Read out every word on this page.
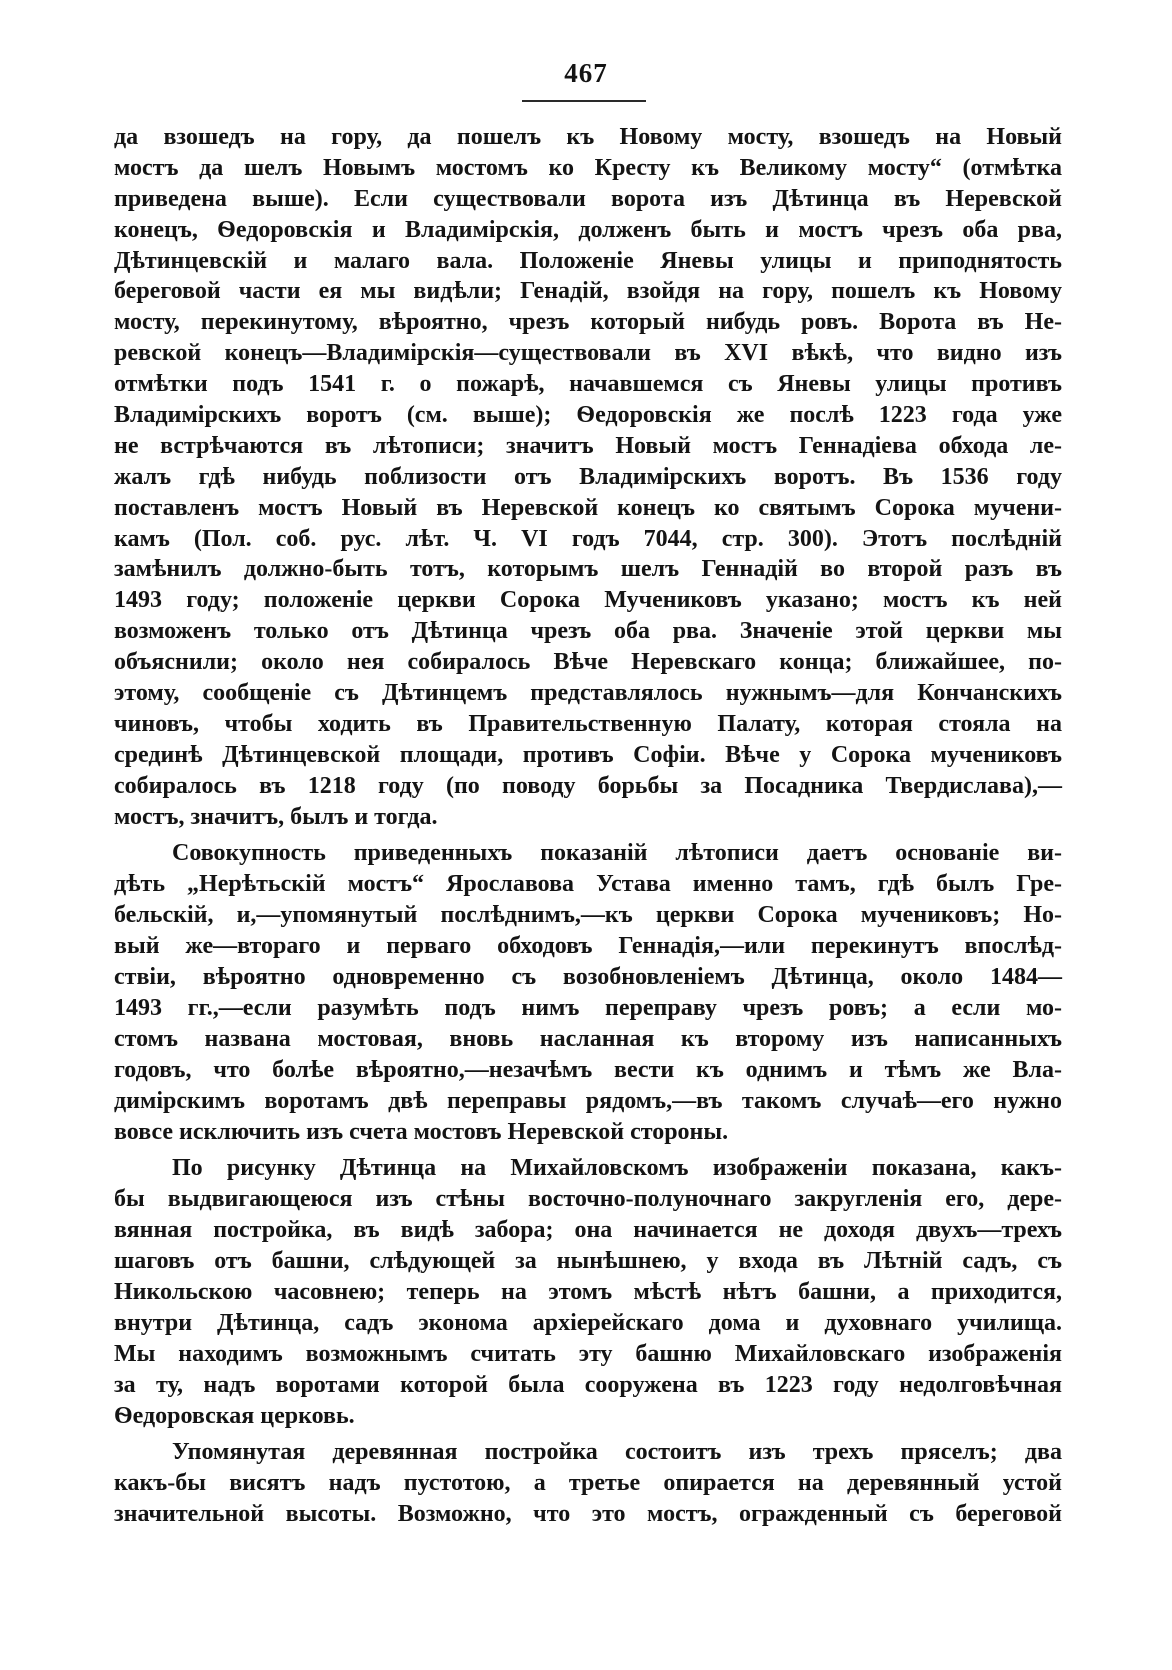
467
да взошедъ на гору, да пошелъ къ Новому мосту, взошедъ на Новый
мостъ да шелъ Новымъ мостомъ ко Кресту къ Великому мосту“ (отмѣтка
приведена выше). Если существовали ворота изъ Дѣтинца въ Неревской
конецъ, Ѳедоровскія и Владимірскія, долженъ быть и мостъ чрезъ оба рва,
Дѣтинцевскій и малаго вала. Положеніе Яневы улицы и приподнятость
береговой части ея мы видѣли; Генадій, взойдя на гору, пошелъ къ Новому
мосту, перекинутому, вѣроятно, чрезъ который нибудь ровъ. Ворота въ Не-
ревской конецъ—Владимірскія—существовали въ XVI вѣкѣ, что видно изъ
отмѣтки подъ 1541 г. о пожарѣ, начавшемся съ Яневы улицы противъ
Владимірскихъ воротъ (см. выше); Ѳедоровскія же послѣ 1223 года уже
не встрѣчаются въ лѣтописи; значитъ Новый мостъ Геннадіева обхода ле-
жалъ гдѣ нибудь поблизости отъ Владимірскихъ воротъ. Въ 1536 году
поставленъ мостъ Новый въ Неревской конецъ ко святымъ Сорока мучени-
камъ (Пол. соб. рус. лѣт. Ч. VI годъ 7044, стр. 300). Этотъ послѣдній
замѣнилъ должно-быть тотъ, которымъ шелъ Геннадій во второй разъ въ
1493 году; положеніе церкви Сорока Мучениковъ указано; мостъ къ ней
возможенъ только отъ Дѣтинца чрезъ оба рва. Значеніе этой церкви мы
объяснили; около нея собиралось Вѣче Неревскаго конца; ближайшее, по-
этому, сообщеніе съ Дѣтинцемъ представлялось нужнымъ—для Кончанскихъ
чиновъ, чтобы ходить въ Правительственную Палату, которая стояла на
срединѣ Дѣтинцевской площади, противъ Софіи. Вѣче у Сорока мучениковъ
собиралось въ 1218 году (по поводу борьбы за Посадника Твердислава),—
мостъ, значитъ, былъ и тогда.
Совокупность приведенныхъ показаній лѣтописи даетъ основаніе ви-
дѣть „Нерѣтьскій мостъ“ Ярославова Устава именно тамъ, гдѣ былъ Гре-
бельскій, и,—упомянутый послѣднимъ,—къ церкви Сорока мучениковъ; Но-
вый же—втораго и перваго обходовъ Геннадія,—или перекинутъ впослѣд-
ствіи, вѣроятно одновременно съ возобновленіемъ Дѣтинца, около 1484—
1493 гг.,—если разумѣть подъ нимъ переправу чрезъ ровъ; а если мо-
стомъ названа мостовая, вновь насланная къ второму изъ написанныхъ
годовъ, что болѣе вѣроятно,—незачѣмъ вести къ однимъ и тѣмъ же Вла-
димірскимъ воротамъ двѣ переправы рядомъ,—въ такомъ случаѣ—его нужно
вовсе исключить изъ счета мостовъ Неревской стороны.
По рисунку Дѣтинца на Михайловскомъ изображеніи показана, какъ-
бы выдвигающеюся изъ стѣны восточно-полуночнаго закругленія его, дере-
вянная постройка, въ видѣ забора; она начинается не доходя двухъ—трехъ
шаговъ отъ башни, слѣдующей за нынѣшнею, у входа въ Лѣтній садъ, съ
Никольскою часовнею; теперь на этомъ мѣстѣ нѣтъ башни, а приходится,
внутри Дѣтинца, садъ эконома архіерейскаго дома и духовнаго училища.
Мы находимъ возможнымъ считать эту башню Михайловскаго изображенія
за ту, надъ воротами которой была сооружена въ 1223 году недолговѣчная
Ѳедоровская церковь.
Упомянутая деревянная постройка состоитъ изъ трехъ пряселъ; два
какъ-бы висятъ надъ пустотою, а третье опирается на деревянный устой
значительной высоты. Возможно, что это мостъ, огражденный съ береговой
